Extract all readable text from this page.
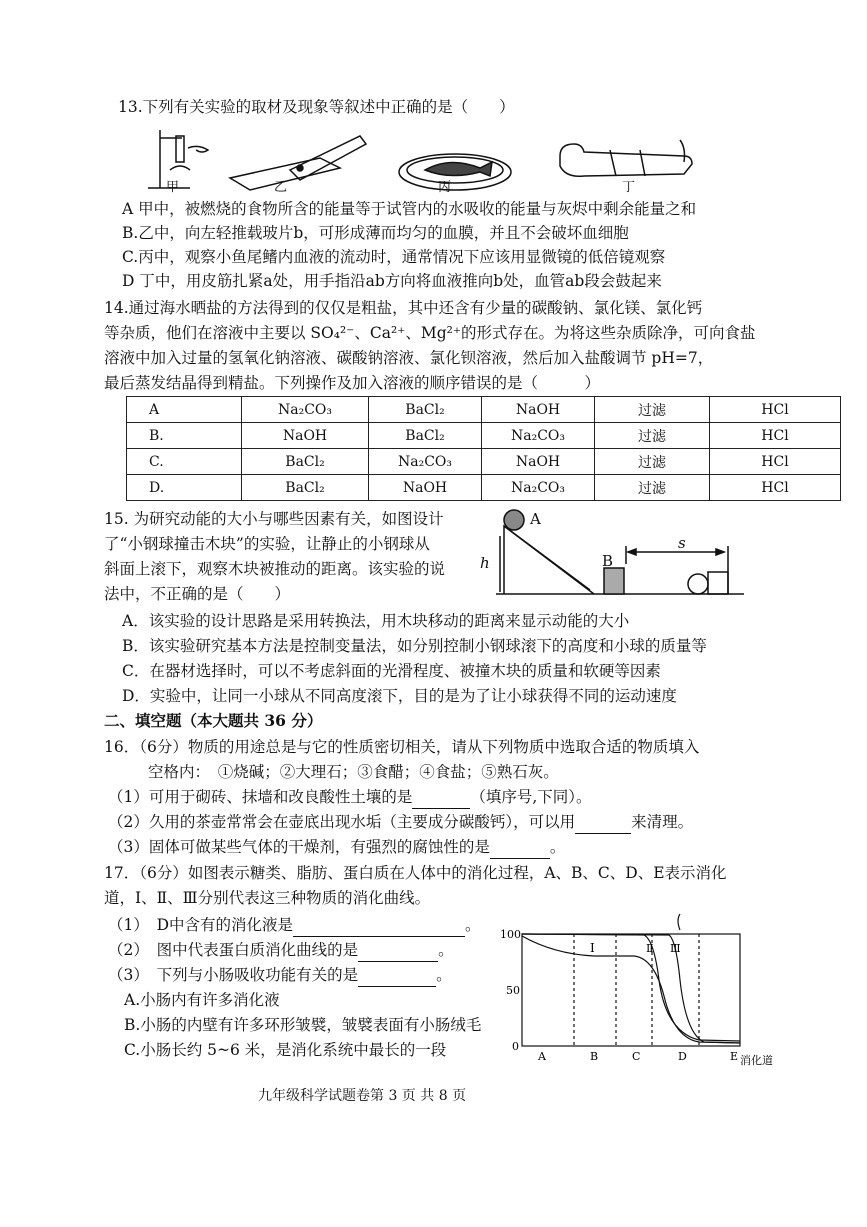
13.下列有关实验的取材及现象等叙述中正确的是（　　）
甲	乙	丙	丁
A 甲中，被燃烧的食物所含的能量等于试管内的水吸收的能量与灰烬中剩余能量之和
B.乙中，向左轻推载玻片b，可形成薄而均匀的血膜，并且不会破坏血细胞
C.丙中，观察小鱼尾鳍内血液的流动时，通常情况下应该用显微镜的低倍镜观察
D 丁中，用皮筋扎紧a处，用手指沿ab方向将血液推向b处，血管ab段会鼓起来
14.通过海水晒盐的方法得到的仅仅是粗盐，其中还含有少量的碳酸钠、氯化镁、氯化钙
等杂质，他们在溶液中主要以 SO₄²⁻、Ca²⁺、Mg²⁺的形式存在。为将这些杂质除净，可向食盐
溶液中加入过量的氢氧化钠溶液、碳酸钠溶液、氯化钡溶液，然后加入盐酸调节 pH=7，
最后蒸发结晶得到精盐。下列操作及加入溶液的顺序错误的是（　　　）
A	Na₂CO₃	BaCl₂	NaOH	过滤	HCl
B.	NaOH	BaCl₂	Na₂CO₃	过滤	HCl
C.	BaCl₂	Na₂CO₃	NaOH	过滤	HCl
D.	BaCl₂	NaOH	Na₂CO₃	过滤	HCl
15. 为研究动能的大小与哪些因素有关，如图设计
了“小钢球撞击木块”的实验，让静止的小钢球从
斜面上滚下，观察木块被推动的距离。该实验的说
法中，不正确的是（　　）
A
B
h
s
A．该实验的设计思路是采用转换法，用木块移动的距离来显示动能的大小
B．该实验研究基本方法是控制变量法，如分别控制小钢球滚下的高度和小球的质量等
C．在器材选择时，可以不考虑斜面的光滑程度、被撞木块的质量和软硬等因素
D．实验中，让同一小球从不同高度滚下，目的是为了让小球获得不同的运动速度
二、填空题（本大题共 36 分）
16．（6分）物质的用途总是与它的性质密切相关，请从下列物质中选取合适的物质填入
空格内：　①烧碱；②大理石；③食醋；④食盐；⑤熟石灰。
（1）可用于砌砖、抹墙和改良酸性土壤的是	（填序号,下同）。
（2）久用的茶壶常常会在壶底出现水垢（主要成分碳酸钙），可以用	来清理。
（3）固体可做某些气体的干燥剂，有强烈的腐蚀性的是	。
17．（6分）如图表示糖类、脂肪、蛋白质在人体中的消化过程，A、B、C、D、E表示消化
道，Ⅰ、Ⅱ、Ⅲ分别代表这三种物质的消化曲线。
（1）　D中含有的消化液是	。
（2）　图中代表蛋白质消化曲线的是	。
（3）　下列与小肠吸收功能有关的是	。
A.小肠内有许多消化液
B.小肠的内壁有许多环形皱襞，皱襞表面有小肠绒毛
C.小肠长约 5~6 米，是消化系统中最长的一段
100
50
0
A	B	C	D	E 消化道
Ⅰ	Ⅱ Ⅲ
九年级科学试题卷第 3 页 共 8 页
